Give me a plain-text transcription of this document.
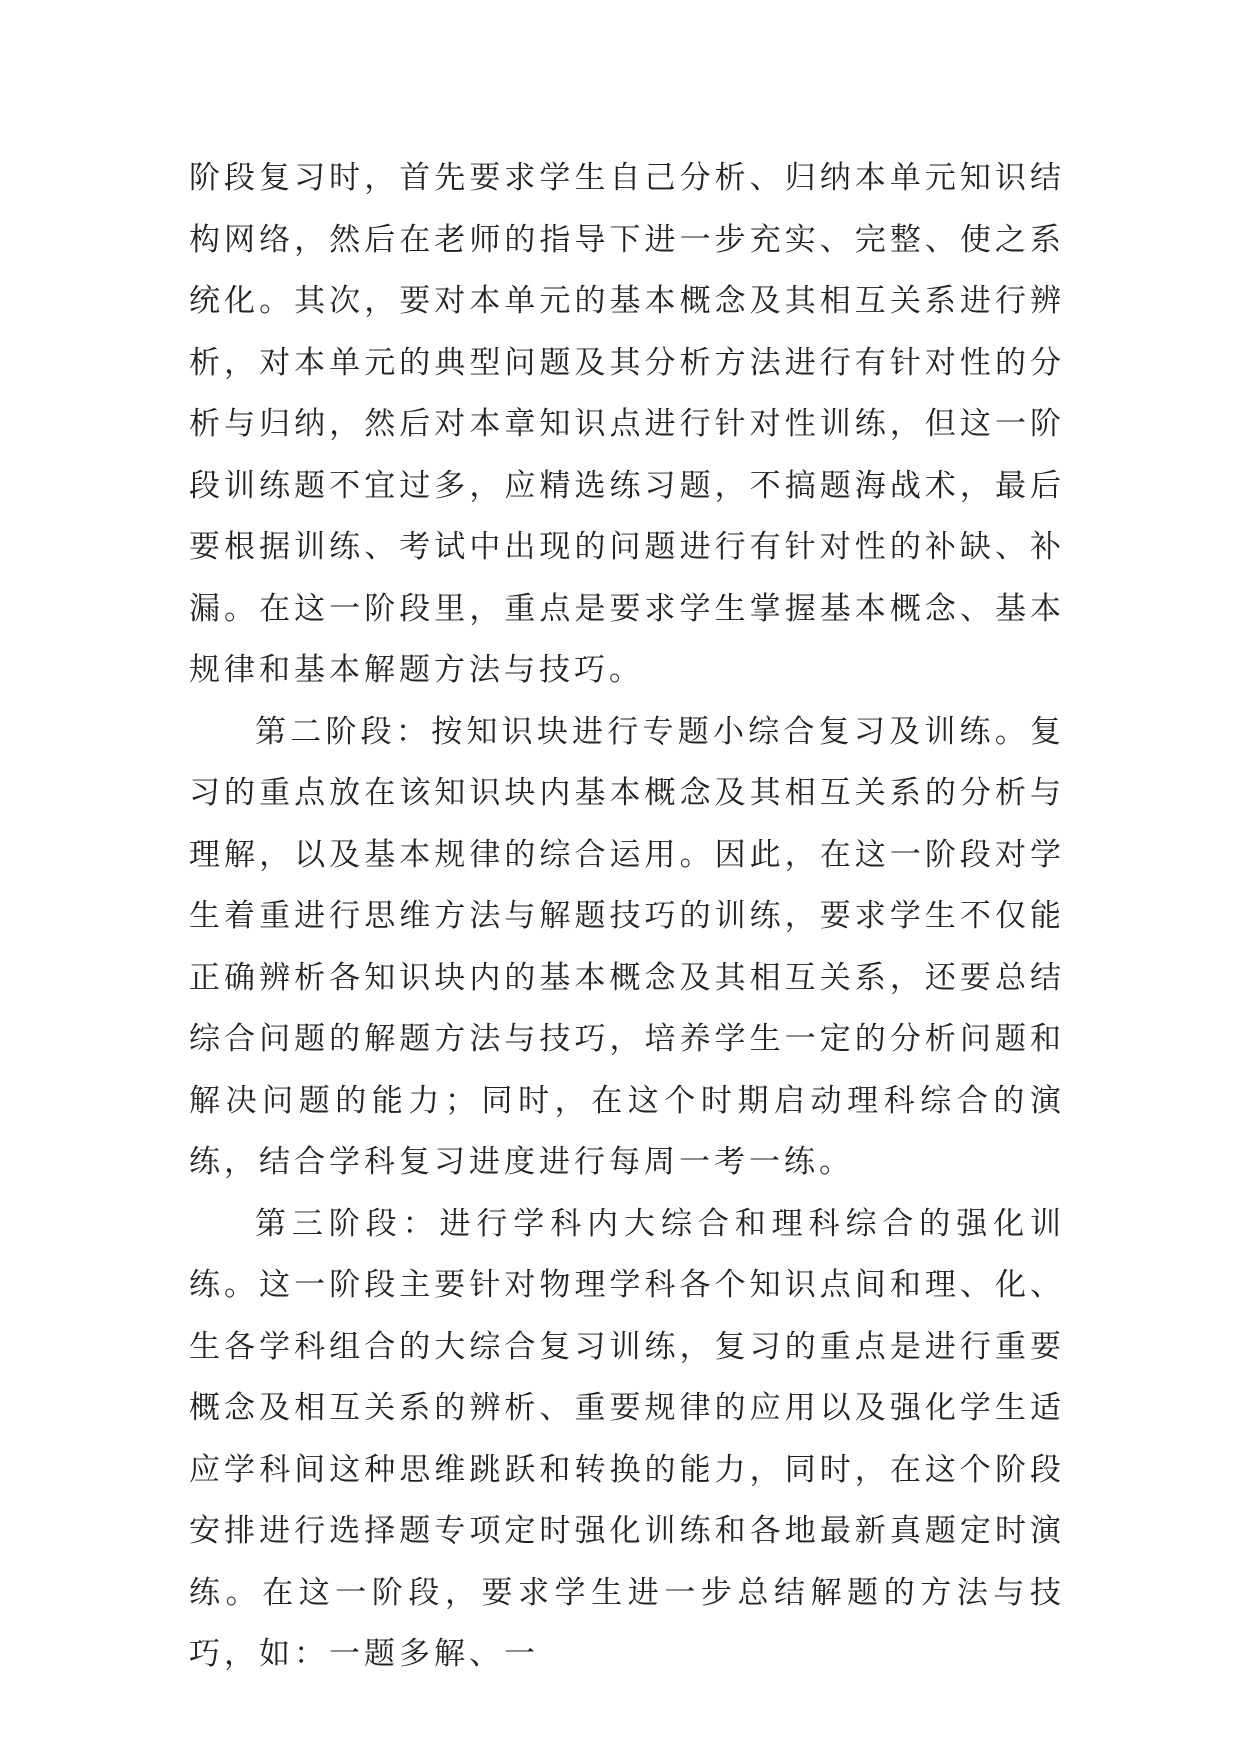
阶段复习时，首先要求学生自己分析、归纳本单元知识结构网络，然后在老师的指导下进一步充实、完整、使之系统化。其次，要对本单元的基本概念及其相互关系进行辨析，对本单元的典型问题及其分析方法进行有针对性的分析与归纳，然后对本章知识点进行针对性训练，但这一阶段训练题不宜过多，应精选练习题，不搞题海战术，最后要根据训练、考试中出现的问题进行有针对性的补缺、补漏。在这一阶段里，重点是要求学生掌握基本概念、基本规律和基本解题方法与技巧。

第二阶段：按知识块进行专题小综合复习及训练。复习的重点放在该知识块内基本概念及其相互关系的分析与理解，以及基本规律的综合运用。因此，在这一阶段对学生着重进行思维方法与解题技巧的训练，要求学生不仅能正确辨析各知识块内的基本概念及其相互关系，还要总结综合问题的解题方法与技巧，培养学生一定的分析问题和解决问题的能力；同时，在这个时期启动理科综合的演练，结合学科复习进度进行每周一考一练。

第三阶段：进行学科内大综合和理科综合的强化训练。这一阶段主要针对物理学科各个知识点间和理、化、生各学科组合的大综合复习训练，复习的重点是进行重要概念及相互关系的辨析、重要规律的应用以及强化学生适应学科间这种思维跳跃和转换的能力，同时，在这个阶段安排进行选择题专项定时强化训练和各地最新真题定时演练。在这一阶段，要求学生进一步总结解题的方法与技巧，如：一题多解、一
